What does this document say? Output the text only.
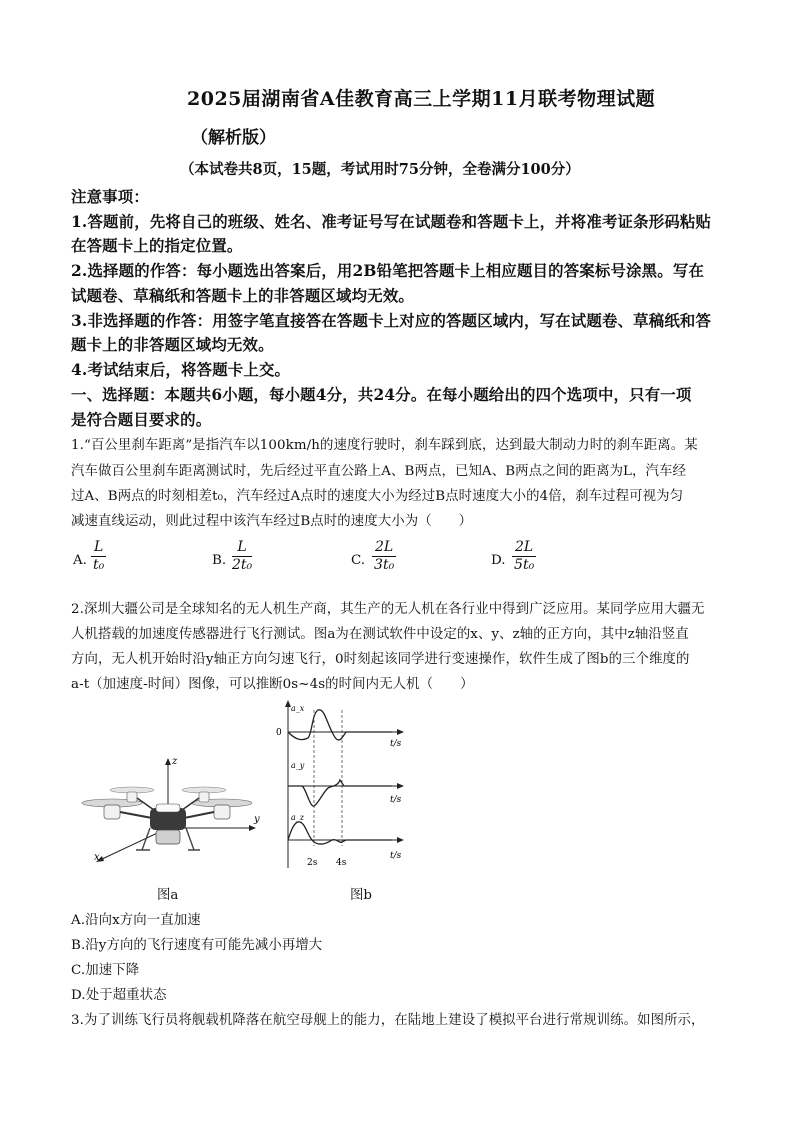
2025届湖南省A佳教育高三上学期11月联考物理试题
（解析版）
（本试卷共8页，15题，考试用时75分钟，全卷满分100分）
注意事项：
1.答题前，先将自己的班级、姓名、准考证号写在试题卷和答题卡上，并将准考证条形码粘贴
在答题卡上的指定位置。
2.选择题的作答：每小题选出答案后，用2B铅笔把答题卡上相应题目的答案标号涂黑。写在
试题卷、草稿纸和答题卡上的非答题区域均无效。
3.非选择题的作答：用签字笔直接答在答题卡上对应的答题区域内，写在试题卷、草稿纸和答
题卡上的非答题区域均无效。
4.考试结束后，将答题卡上交。
一、选择题：本题共6小题，每小题4分，共24分。在每小题给出的四个选项中，只有一项
是符合题目要求的。
1.“百公里刹车距离”是指汽车以100km/h的速度行驶时，刹车踩到底，达到最大制动力时的刹车距离。某
汽车做百公里刹车距离测试时，先后经过平直公路上A、B两点，已知A、B两点之间的距离为L，汽车经
过A、B两点的时刻相差t₀，汽车经过A点时的速度大小为经过B点时速度大小的4倍，刹车过程可视为匀
减速直线运动，则此过程中该汽车经过B点时的速度大小为（　　）
A. $\frac{L}{\text{t₀}}$	B. $\frac{L}{\text{2t₀}}$	C. $\frac{2L}{\text{3t₀}}$	D. $\frac{2L}{\text{5t₀}}$
2.深圳大疆公司是全球知名的无人机生产商，其生产的无人机在各行业中得到广泛应用。某同学应用大疆无
人机搭载的加速度传感器进行飞行测试。图a为在测试软件中设定的x、y、z轴的正方向，其中z轴沿竖直
方向，无人机开始时沿y轴正方向匀速飞行，0时刻起该同学进行变速操作，软件生成了图b的三个维度的
a-t（加速度-时间）图像，可以推断0s~4s的时间内无人机（　　）
z
y
x
图a
a_x
0
t/s
a_y
t/s
a_z
t/s
2s 4s
图b
A.沿向x方向一直加速
B.沿y方向的飞行速度有可能先减小再增大
C.加速下降
D.处于超重状态
3.为了训练飞行员将舰载机降落在航空母舰上的能力，在陆地上建设了模拟平台进行常规训练。如图所示，
